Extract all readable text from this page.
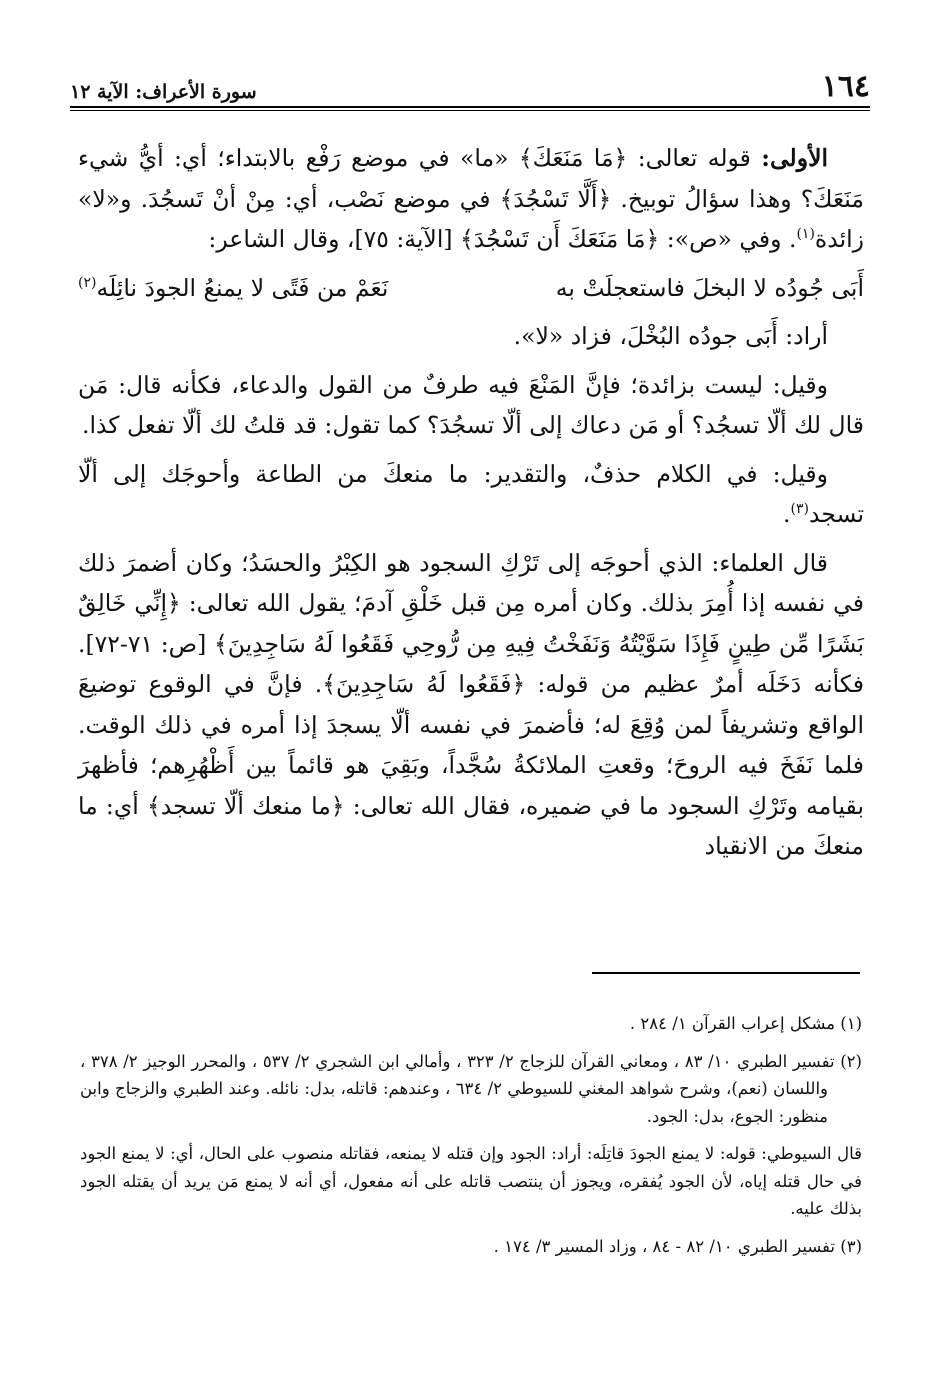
١٦٤
سورة الأعراف: الآية ١٢

الأولى: قوله تعالى: ﴿مَا مَنَعَكَ﴾ «ما» في موضع رَفْع بالابتداء؛ أي: أيُّ شيء مَنَعَكَ؟ وهذا سؤالُ توبيخ. ﴿أَلَّا تَسْجُدَ﴾ في موضع نَصْب، أي: مِنْ أنْ تَسجُدَ. و«لا» زائدة$^{(١)}$. وفي «ص»: ﴿مَا مَنَعَكَ أَن تَسْجُدَ﴾ [الآية: ٧٥]، وقال الشاعر:

أَبَى جُودُه لا البخلَ فاستعجلَتْ به
نَعَمْ من فَتًى لا يمنعُ الجودَ نائِلَه$^{(٢)}$

أراد: أَبَى جودُه البُخْلَ، فزاد «لا».

وقيل: ليست بزائدة؛ فإنَّ المَنْعَ فيه طرفٌ من القول والدعاء، فكأنه قال: مَن قال لك ألّا تسجُد؟ أو مَن دعاك إلى ألّا تسجُدَ؟ كما تقول: قد قلتُ لك ألّا تفعل كذا.

وقيل: في الكلام حذفٌ، والتقدير: ما منعكَ من الطاعة وأحوجَك إلى ألّا تسجد$^{(٣)}$.

قال العلماء: الذي أحوجَه إلى تَرْكِ السجود هو الكِبْرُ والحسَدُ؛ وكان أضمرَ ذلك في نفسه إذا أُمِرَ بذلك. وكان أمره مِن قبل خَلْقِ آدمَ؛ يقول الله تعالى: ﴿إِنِّي خَالِقٌ بَشَرًا مِّن طِينٍ فَإِذَا سَوَّيْتُهُ وَنَفَخْتُ فِيهِ مِن رُّوحِي فَقَعُوا لَهُ سَاجِدِينَ﴾ [ص: ٧١-٧٢]. فكأنه دَخَلَه أمرٌ عظيم من قوله: ﴿فَقَعُوا لَهُ سَاجِدِينَ﴾. فإنَّ في الوقوع توضيعَ الواقع وتشريفاً لمن وُقِعَ له؛ فأضمرَ في نفسه ألّا يسجدَ إذا أمره في ذلك الوقت. فلما نَفَخَ فيه الروحَ؛ وقعتِ الملائكةُ سُجَّداً، وبَقِيَ هو قائماً بين أَظْهُرِهم؛ فأظهرَ بقيامه وتَرْكِ السجود ما في ضميره، فقال الله تعالى: ﴿ما منعك ألّا تسجد﴾ أي: ما منعكَ من الانقياد

(١) مشكل إعراب القرآن ١/ ٢٨٤ .

(٢) تفسير الطبري ١٠/ ٨٣ ، ومعاني القرآن للزجاج ٢/ ٣٢٣ ، وأمالي ابن الشجري ٢/ ٥٣٧ ، والمحرر الوجيز ٢/ ٣٧٨ ، واللسان (نعم)، وشرح شواهد المغني للسيوطي ٢/ ٦٣٤ ، وعندهم: قاتله، بدل: نائله. وعند الطبري والزجاج وابن منظور: الجوع، بدل: الجود.

قال السيوطي: قوله: لا يمنع الجودَ قاتِلَه: أراد: الجود وإن قتله لا يمنعه، فقاتله منصوب على الحال، أي: لا يمنع الجود في حال قتله إياه، لأن الجود يُفقره، ويجوز أن ينتصب قاتله على أنه مفعول، أي أنه لا يمنع مَن يريد أن يقتله الجود بذلك عليه.

(٣) تفسير الطبري ١٠/ ٨٢ - ٨٤ ، وزاد المسير ٣/ ١٧٤ .
